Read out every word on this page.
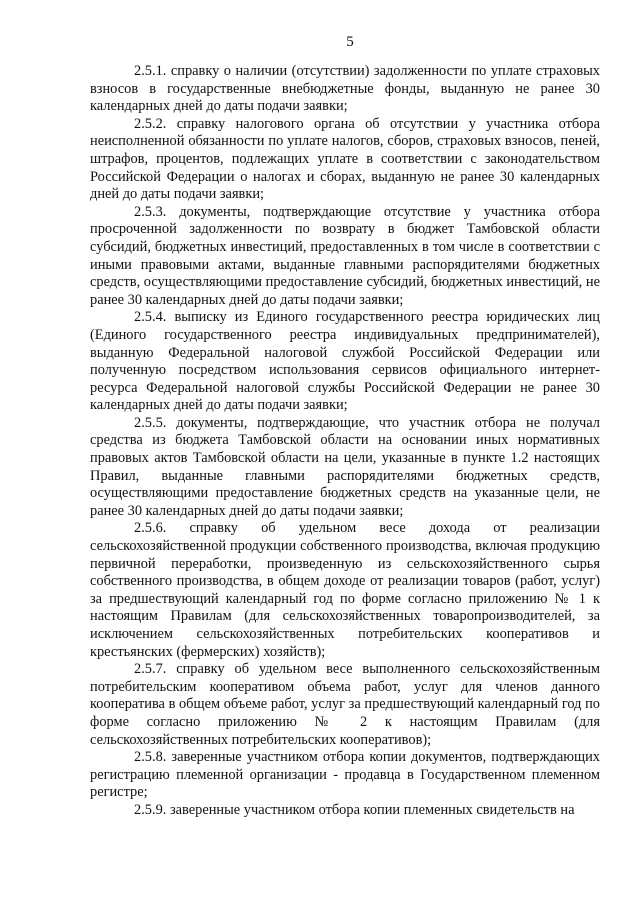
5

2.5.1. справку о наличии (отсутствии) задолженности по уплате страховых взносов в государственные внебюджетные фонды, выданную не ранее 30 календарных дней до даты подачи заявки;

2.5.2. справку налогового органа об отсутствии у участника отбора неисполненной обязанности по уплате налогов, сборов, страховых взносов, пеней, штрафов, процентов, подлежащих уплате в соответствии с законодательством Российской Федерации о налогах и сборах, выданную не ранее 30 календарных дней до даты подачи заявки;

2.5.3. документы, подтверждающие отсутствие у участника отбора просроченной задолженности по возврату в бюджет Тамбовской области субсидий, бюджетных инвестиций, предоставленных в том числе в соответствии с иными правовыми актами, выданные главными распорядителями бюджетных средств, осуществляющими предоставление субсидий, бюджетных инвестиций, не ранее 30 календарных дней до даты подачи заявки;

2.5.4. выписку из Единого государственного реестра юридических лиц (Единого государственного реестра индивидуальных предпринимателей), выданную Федеральной налоговой службой Российской Федерации или полученную посредством использования сервисов официального интернет-ресурса Федеральной налоговой службы Российской Федерации не ранее 30 календарных дней до даты подачи заявки;

2.5.5. документы, подтверждающие, что участник отбора не получал средства из бюджета Тамбовской области на основании иных нормативных правовых актов Тамбовской области на цели, указанные в пункте 1.2 настоящих Правил, выданные главными распорядителями бюджетных средств, осуществляющими предоставление бюджетных средств на указанные цели, не ранее 30 календарных дней до даты подачи заявки;

2.5.6. справку об удельном весе дохода от реализации сельскохозяйственной продукции собственного производства, включая продукцию первичной переработки, произведенную из сельскохозяйственного сырья собственного производства, в общем доходе от реализации товаров (работ, услуг) за предшествующий календарный год по форме согласно приложению № 1 к настоящим Правилам (для сельскохозяйственных товаропроизводителей, за исключением сельскохозяйственных потребительских кооперативов и крестьянских (фермерских) хозяйств);

2.5.7. справку об удельном весе выполненного сельскохозяйственным потребительским кооперативом объема работ, услуг для членов данного кооператива в общем объеме работ, услуг за предшествующий календарный год по форме согласно приложению № 2 к настоящим Правилам (для сельскохозяйственных потребительских кооперативов);

2.5.8. заверенные участником отбора копии документов, подтверждающих регистрацию племенной организации - продавца в Государственном племенном регистре;

2.5.9. заверенные участником отбора копии племенных свидетельств на
